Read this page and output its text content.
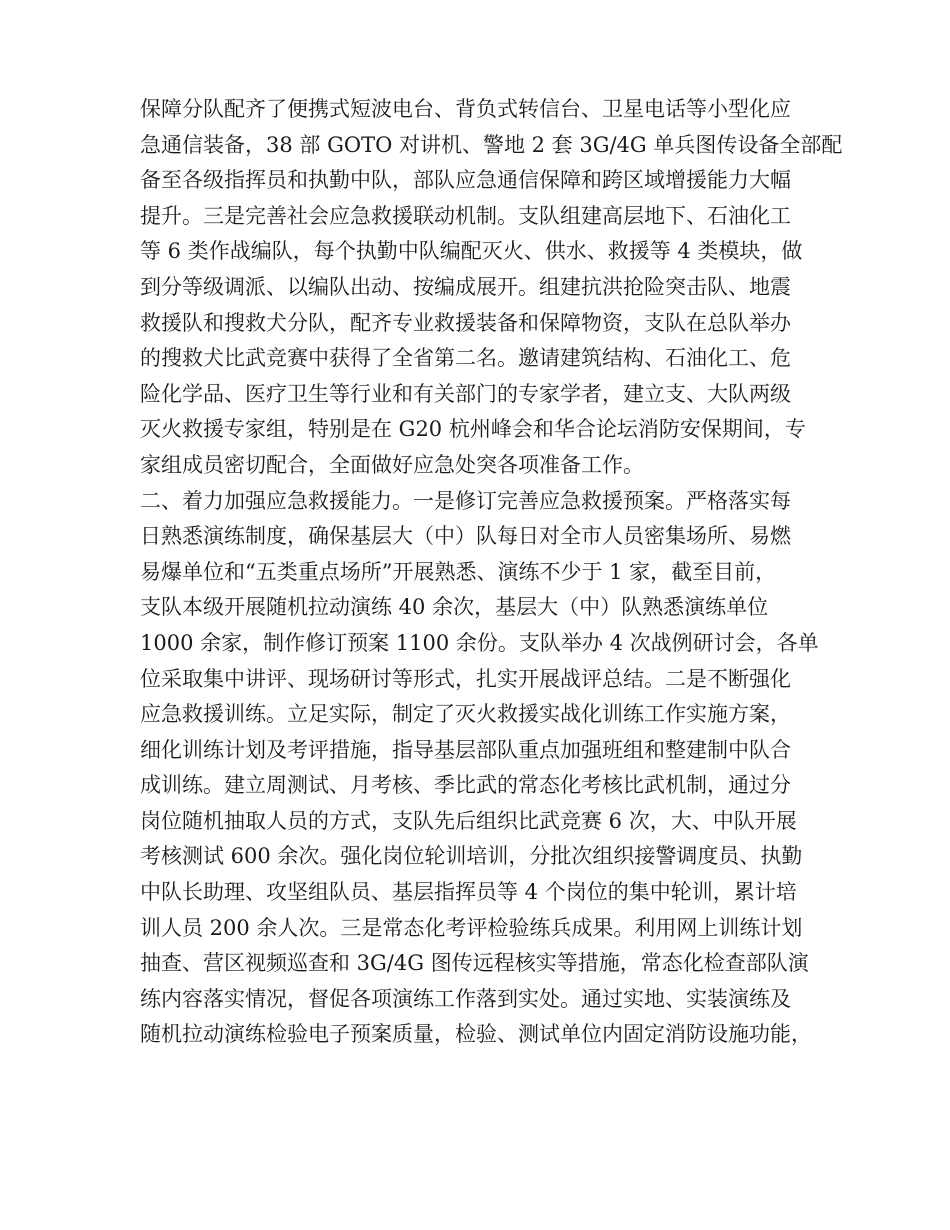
保障分队配齐了便携式短波电台、背负式转信台、卫星电话等小型化应
急通信装备，38 部 GOTO 对讲机、警地 2 套 3G/4G 单兵图传设备全部配
备至各级指挥员和执勤中队，部队应急通信保障和跨区域增援能力大幅
提升。三是完善社会应急救援联动机制。支队组建高层地下、石油化工
等 6 类作战编队，每个执勤中队编配灭火、供水、救援等 4 类模块，做
到分等级调派、以编队出动、按编成展开。组建抗洪抢险突击队、地震
救援队和搜救犬分队，配齐专业救援装备和保障物资，支队在总队举办
的搜救犬比武竞赛中获得了全省第二名。邀请建筑结构、石油化工、危
险化学品、医疗卫生等行业和有关部门的专家学者，建立支、大队两级
灭火救援专家组，特别是在 G20 杭州峰会和华合论坛消防安保期间，专
家组成员密切配合，全面做好应急处突各项准备工作。
二、着力加强应急救援能力。一是修订完善应急救援预案。严格落实每
日熟悉演练制度，确保基层大（中）队每日对全市人员密集场所、易燃
易爆单位和“五类重点场所”开展熟悉、演练不少于 1 家，截至目前，
支队本级开展随机拉动演练 40 余次，基层大（中）队熟悉演练单位
1000 余家，制作修订预案 1100 余份。支队举办 4 次战例研讨会，各单
位采取集中讲评、现场研讨等形式，扎实开展战评总结。二是不断强化
应急救援训练。立足实际，制定了灭火救援实战化训练工作实施方案，
细化训练计划及考评措施，指导基层部队重点加强班组和整建制中队合
成训练。建立周测试、月考核、季比武的常态化考核比武机制，通过分
岗位随机抽取人员的方式，支队先后组织比武竞赛 6 次，大、中队开展
考核测试 600 余次。强化岗位轮训培训，分批次组织接警调度员、执勤
中队长助理、攻坚组队员、基层指挥员等 4 个岗位的集中轮训，累计培
训人员 200 余人次。三是常态化考评检验练兵成果。利用网上训练计划
抽查、营区视频巡查和 3G/4G 图传远程核实等措施，常态化检查部队演
练内容落实情况，督促各项演练工作落到实处。通过实地、实装演练及
随机拉动演练检验电子预案质量，检验、测试单位内固定消防设施功能，
